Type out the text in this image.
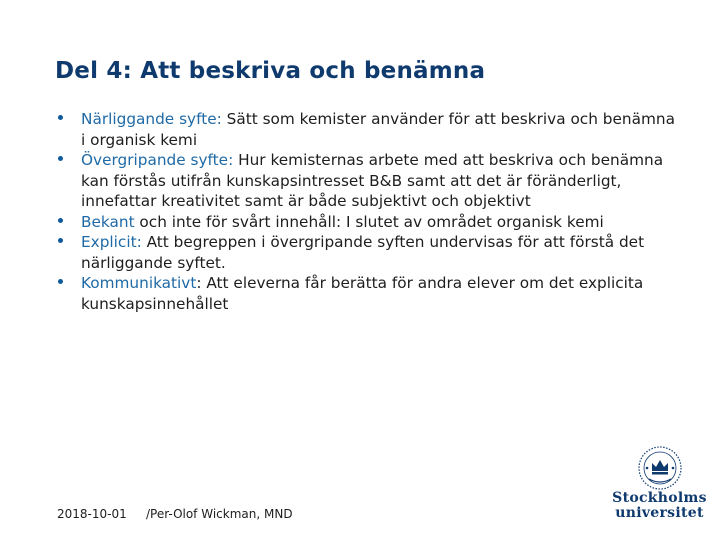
Del 4: Att beskriva och benämna
Närliggande syfte: Sätt som kemister använder för att beskriva och benämna i organisk kemi
Övergripande syfte: Hur kemisternas arbete med att beskriva och benämna kan förstås utifrån kunskapsintresset B&B samt att det är föränderligt, innefattar kreativitet samt är både subjektivt och objektivt
Bekant och inte för svårt innehåll: I slutet av området organisk kemi
Explicit: Att begreppen i övergripande syften undervisas för att förstå det närliggande syftet.
Kommunikativt: Att eleverna får berätta för andra elever om det explicita kunskapsinnehållet
2018-10-01 /Per-Olof Wickman, MND
Stockholms
universitet
